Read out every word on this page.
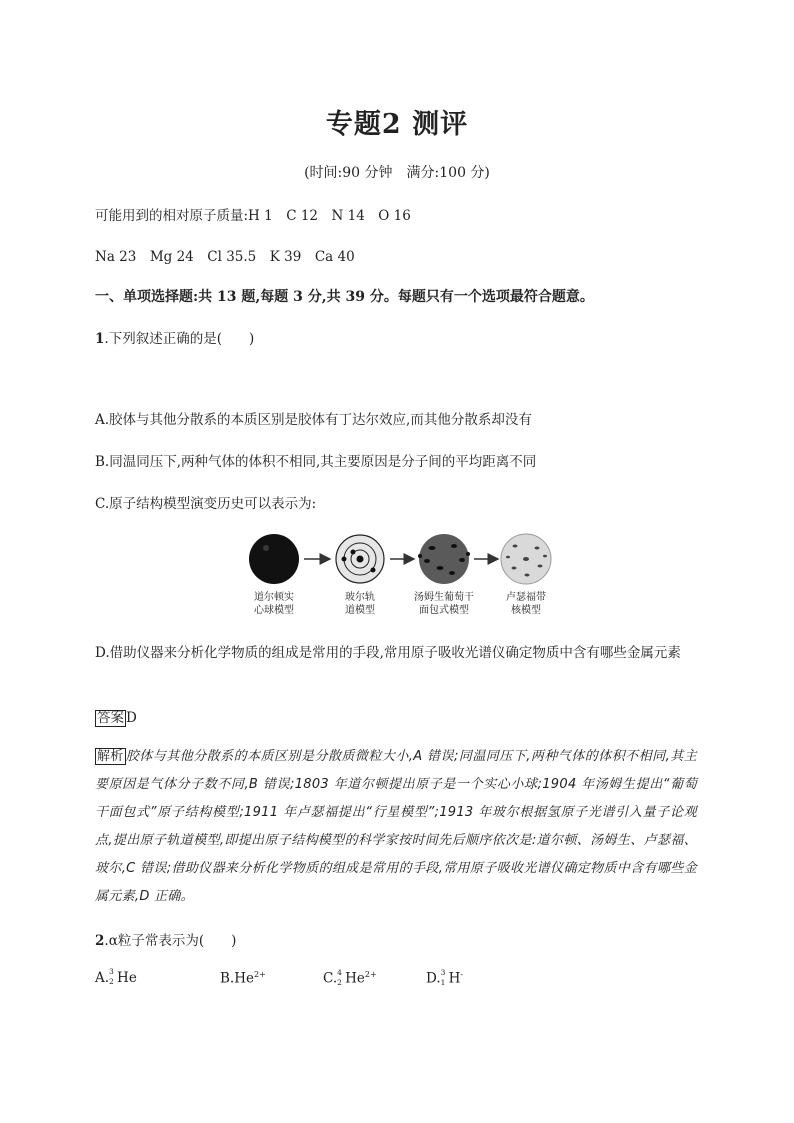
专题2 测评
(时间:90 分钟　满分:100 分)
可能用到的相对原子质量:H 1　C 12　N 14　O 16
Na 23　Mg 24　Cl 35.5　K 39　Ca 40
一、单项选择题:共 13 题,每题 3 分,共 39 分。每题只有一个选项最符合题意。
1.下列叙述正确的是(　　)
A.胶体与其他分散系的本质区别是胶体有丁达尔效应,而其他分散系却没有
B.同温同压下,两种气体的体积不相同,其主要原因是分子间的平均距离不同
C.原子结构模型演变历史可以表示为:
道尔顿实
心球模型
玻尔轨
道模型
汤姆生葡萄干
面包式模型
卢瑟福带
核模型
D.借助仪器来分析化学物质的组成是常用的手段,常用原子吸收光谱仪确定物质中含有哪些金属元素
答案 D
解析 胶体与其他分散系的本质区别是分散质微粒大小,A 错误;同温同压下,两种气体的体积不相同,其主要原因是气体分子数不同,B 错误;1803 年道尔顿提出原子是一个实心小球;1904 年汤姆生提出“葡萄干面包式”原子结构模型;1911 年卢瑟福提出“行星模型”;1913 年玻尔根据氢原子光谱引入量子论观点,提出原子轨道模型,即提出原子结构模型的科学家按时间先后顺序依次是:道尔顿、汤姆生、卢瑟福、玻尔,C 错误;借助仪器来分析化学物质的组成是常用的手段,常用原子吸收光谱仪确定物质中含有哪些金属元素,D 正确。
2.α粒子常表示为(　　)
A. 3
2 He	$B.He^{2+}$	C. 4
2 $He^{2+}$	D. 3
1 H-
